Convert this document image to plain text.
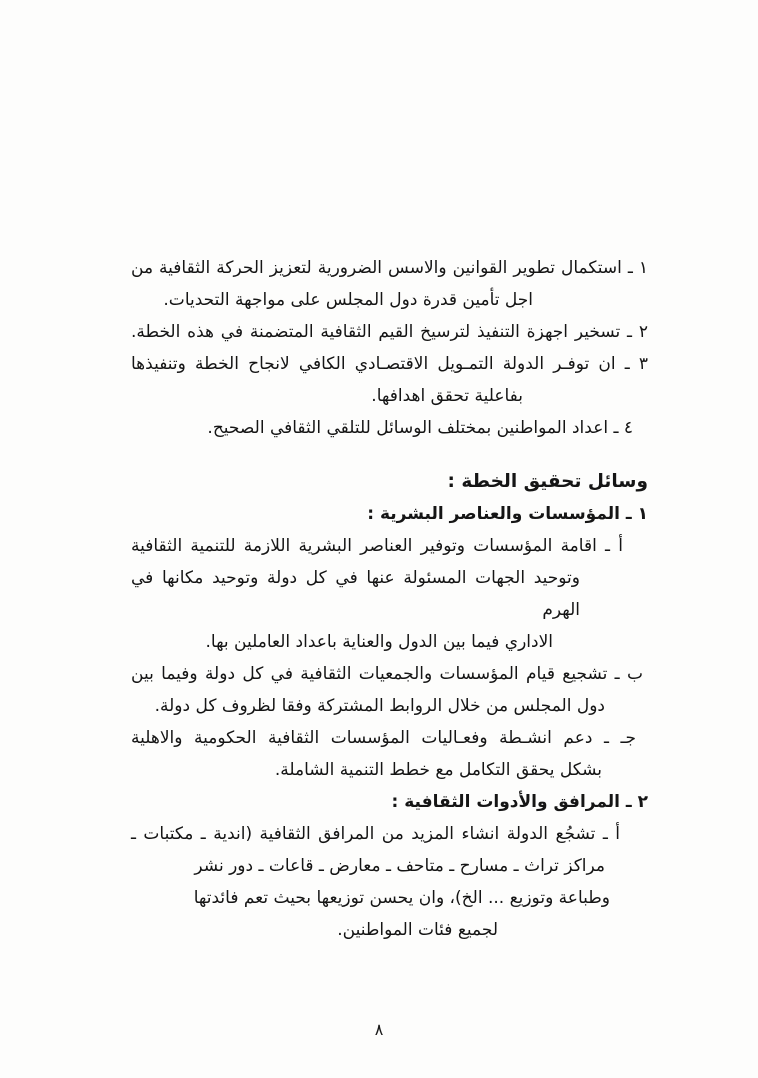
١ ـ استكمال تطوير القوانين والاسس الضرورية لتعزيز الحركة الثقافية من
اجل تأمين قدرة دول المجلس على مواجهة التحديات.
٢ ـ تسخير اجهزة التنفيذ لترسيخ القيم الثقافية المتضمنة في هذه الخطة.
٣ ـ ان توفـر الدولة التمـويل الاقتصـادي الكافي لانجاح الخطة وتنفيذها
بفاعلية تحقق اهدافها.
٤ ـ اعداد المواطنين بمختلف الوسائل للتلقي الثقافي الصحيح.
وسائل تحقيق الخطة :
١ ـ المؤسسات والعناصر البشرية :
أ ـ اقامة المؤسسات وتوفير العناصر البشرية اللازمة للتنمية الثقافية
وتوحيد الجهات المسئولة عنها في كل دولة وتوحيد مكانها في الهرم
الاداري فيما بين الدول والعناية باعداد العاملين بها.
ب ـ تشجيع قيام المؤسسات والجمعيات الثقافية في كل دولة وفيما بين
دول المجلس من خلال الروابط المشتركة وفقا لظروف كل دولة.
جـ ـ دعم انشـطة وفعـاليات المؤسسات الثقافية الحكومية والاهلية
بشكل يحقق التكامل مع خطط التنمية الشاملة.
٢ ـ المرافق والأدوات الثقافية :
أ ـ تشجُع الدولة انشاء المزيد من المرافق الثقافية (اندية ـ مكتبات ـ
مراكز تراث ـ مسارح ـ متاحف ـ معارض ـ قاعات ـ دور نشر
وطباعة وتوزيع ... الخ)، وان يحسن توزيعها بحيث تعم فائدتها
لجميع فئات المواطنين.
٨
